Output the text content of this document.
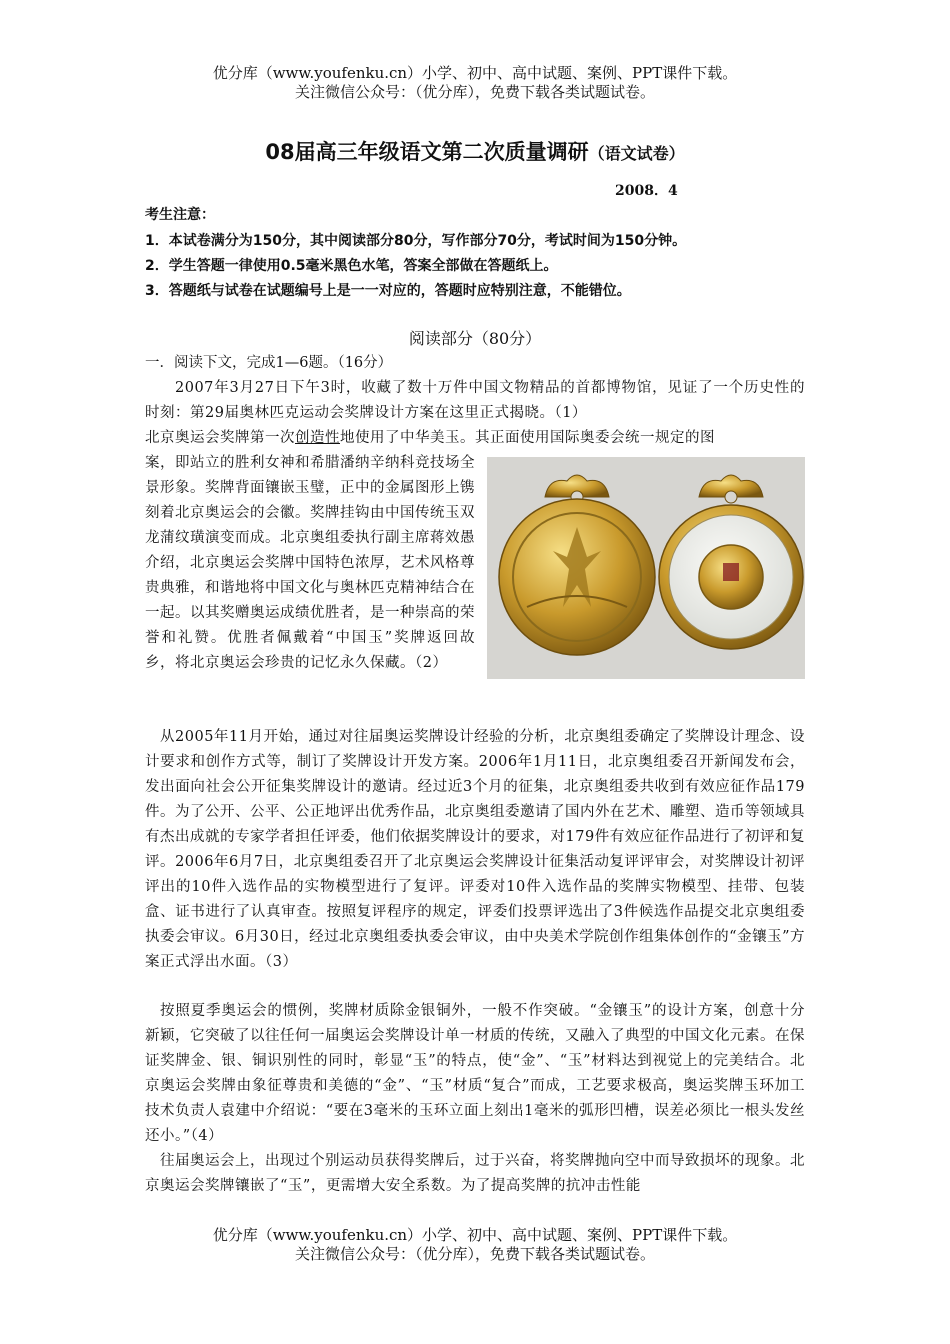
优分库（www.youfenku.cn）小学、初中、高中试题、案例、PPT课件下载。
关注微信公众号：（优分库），免费下载各类试题试卷。
08届高三年级语文第二次质量调研（语文试卷）
2008．4
考生注意：
1．本试卷满分为150分，其中阅读部分80分，写作部分70分，考试时间为150分钟。
2．学生答题一律使用0.5毫米黑色水笔，答案全部做在答题纸上。
3．答题纸与试卷在试题编号上是一一对应的，答题时应特别注意，不能错位。
阅读部分（80分）
一．阅读下文，完成1—6题。（16分）
2007年3月27日下午3时，收藏了数十万件中国文物精品的首都博物馆，见证了一个历史性的时刻：第29届奥林匹克运动会奖牌设计方案在这里正式揭晓。（1）
北京奥运会奖牌第一次创造性地使用了中华美玉。其正面使用国际奥委会统一规定的图
案，即站立的胜利女神和希腊潘纳辛纳科竞技场全景形象。奖牌背面镶嵌玉璧，正中的金属图形上镌刻着北京奥运会的会徽。奖牌挂钩由中国传统玉双龙蒲纹璜演变而成。北京奥组委执行副主席蒋效愚介绍，北京奥运会奖牌中国特色浓厚，艺术风格尊贵典雅，和谐地将中国文化与奥林匹克精神结合在一起。以其奖赠奥运成绩优胜者，是一种崇高的荣誉和礼赞。优胜者佩戴着“中国玉”奖牌返回故乡，将北京奥运会珍贵的记忆永久保藏。（2）
从2005年11月开始，通过对往届奥运奖牌设计经验的分析，北京奥组委确定了奖牌设计理念、设计要求和创作方式等，制订了奖牌设计开发方案。2006年1月11日，北京奥组委召开新闻发布会，发出面向社会公开征集奖牌设计的邀请。经过近3个月的征集，北京奥组委共收到有效应征作品179件。为了公开、公平、公正地评出优秀作品，北京奥组委邀请了国内外在艺术、雕塑、造币等领域具有杰出成就的专家学者担任评委，他们依据奖牌设计的要求，对179件有效应征作品进行了初评和复评。2006年6月7日，北京奥组委召开了北京奥运会奖牌设计征集活动复评评审会，对奖牌设计初评评出的10件入选作品的实物模型进行了复评。评委对10件入选作品的奖牌实物模型、挂带、包装盒、证书进行了认真审查。按照复评程序的规定，评委们投票评选出了3件候选作品提交北京奥组委执委会审议。6月30日，经过北京奥组委执委会审议，由中央美术学院创作组集体创作的“金镶玉”方案正式浮出水面。（3）
按照夏季奥运会的惯例，奖牌材质除金银铜外，一般不作突破。“金镶玉”的设计方案，创意十分新颖，它突破了以往任何一届奥运会奖牌设计单一材质的传统，又融入了典型的中国文化元素。在保证奖牌金、银、铜识别性的同时，彰显“玉”的特点，使“金”、“玉”材料达到视觉上的完美结合。北京奥运会奖牌由象征尊贵和美德的“金”、“玉”材质“复合”而成，工艺要求极高，奥运奖牌玉环加工技术负责人袁建中介绍说：“要在3毫米的玉环立面上刻出1毫米的弧形凹槽，误差必须比一根头发丝还小。”（4）
往届奥运会上，出现过个别运动员获得奖牌后，过于兴奋，将奖牌抛向空中而导致损坏的现象。北京奥运会奖牌镶嵌了“玉”，更需增大安全系数。为了提高奖牌的抗冲击性能
优分库（www.youfenku.cn）小学、初中、高中试题、案例、PPT课件下载。
关注微信公众号：（优分库），免费下载各类试题试卷。
